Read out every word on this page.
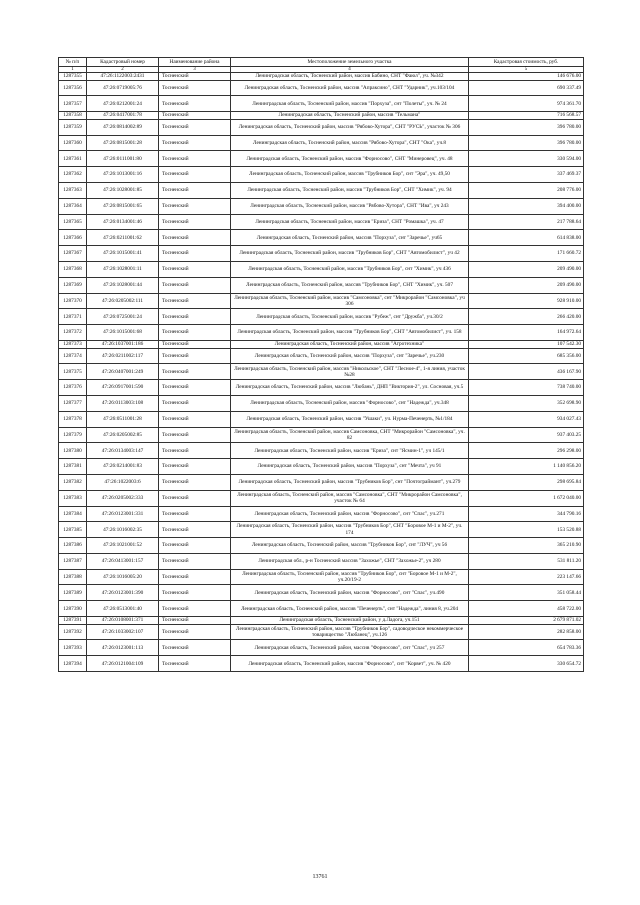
№ п/п	Кадастровый номер	Наименование района	Местоположение земельного участка	Кадастровая стоимость, руб.
1	2	3	4	5
1287355	47:26:1122003:2431	Тосненский	Ленинградская область, Тосненский район, массив Бабино, СНТ "Фаюл", уч. №342	146 676.00
1287356	47:26:0719005:76	Тосненский	Ленинградская область, Тосненский район, массив "Апраксино", СНТ "Ударник", уч.103/104	690 337.49
1287357	47:26:0212001:24	Тосненский	Ленинградская область, Тосненский район, массив "Порхуза", снт "Полеты", уч. № 24	974 361.70
1287358	47:26:0417001:78	Тосненский	Ленинградская область, Тосненский район, массив "Тельмана"	716 568.57
1287359	47:26:0814002:89	Тосненский	Ленинградская область, Тосненский район, массив "Рябово-Хутора", СНТ "РУСЬ", участок № 306	396 780.00
1287360	47:26:0815001:28	Тосненский	Ленинградская область, Тосненский район, массив "Рябово-Хутора", СНТ "Ока", уч.8	396 780.00
1287361	47:26:0111001:80	Тосненский	Ленинградская область, Тосненский район, массив "Форносово", СНТ "Минеровец", уч. 48	330 594.00
1287362	47:26:1013001:16	Тосненский	Ленинградская область, Тосненский район, массив "Трубников Бор", снт "Эра", уч. 49,50	337 469.37
1287363	47:26:1028001:85	Тосненский	Ленинградская область, Тосненский район, массив "Трубников Бор", СНТ "Химик", уч. 94	208 776.00
1287364	47:26:0815001:65	Тосненский	Ленинградская область, Тосненский район, массив "Рябово-Хутора", СНТ "Ива", уч 243	394 400.00
1287365	47:26:0134001:46	Тосненский	Ленинградская область, Тосненский район, массив "Ериза", СНТ "Ромашка", уч. 47	217 788.64
1287366	47:26:0211001:62	Тосненский	Ленинградская область, Тосненский район, массив "Порхуза", снт "Заречье", уч65	614 838.00
1287367	47:26:1015001:41	Тосненский	Ленинградская область, Тосненский район, массив "Трубников Бор", СНТ "Автомобилист", уч 42	171 660.72
1287368	47:26:1028001:11	Тосненский	Ленинградская область, Тосненский район, массив "Трубников Бор", снт "Химик", уч 436	209 490.00
1287369	47:26:1028001:44	Тосненский	Ленинградская область, Тосненский район, массив "Трубников Бор", СНТ "Химик", уч. 507	209 490.00
1287370	47:26:0205002:111	Тосненский	Ленинградская область, Тосненский район, массив "Самсоновка", снт "Микрорайон "Самсоновка", уч 306	928 910.00
1287371	47:26:0725001:24	Тосненский	Ленинградская область, Тосненский район, массив "Рубеж", снт "Дружба", уч.30/2	266 420.00
1287372	47:26:1015001:68	Тосненский	Ленинградская область, Тосненский район, массив "Трубников Бор", СНТ "Автомобилист", уч. 158	164 972.64
1287373	47:26:1037001:186	Тосненский	Ленинградская область, Тосненский район, массив "Агротехника"	107 542.30
1287374	47:26:0211002:117	Тосненский	Ленинградская область, Тосненский район, массив "Порхуза", снт "Заречье", уч.230	685 356.00
1287375	47:26:0407001:249	Тосненский	Ленинградская область, Тосненский район, массив "Никольское", СНТ "Лесное-4", 1-я линия, участок №28	436 167.90
1287376	47:26:0917001:590	Тосненский	Ленинградская область, Тосненский район, массив "Любань", ДНП "Виктория-2", ул. Сосновая, уч.5	738 740.00
1287377	47:26:0113003:108	Тосненский	Ленинградская область, Тосненский район, массив "Форносово", снт "Надежда", уч.348	352 698.90
1287378	47:26:0511001:28	Тосненский	Ленинградская область, Тосненский район, массив "Ушаки", уч. Нурма-Печенерть, №1/184	934 027.43
1287379	47:26:0205002:85	Тосненский	Ленинградская область, Тосненский район, массив Самсоновка, СНТ "Микрорайон "Самсоновка", уч. 82	937 403.25
1287380	47:26:0134003:147	Тосненский	Ленинградская область, Тосненский район, массив "Ериза", снт "Ясмин-1", уч 145/1	296 298.00
1287381	47:26:0214001:83	Тосненский	Ленинградская область, Тосненский район, массив "Порхуза", снт "Мечта", уч 91	1 140 856.20
1287382	47:26:1022003:6	Тосненский	Ленинградская область, Тосненский район, массив "Трубников Бор", снт "Почтограймант", уч.279	298 695.84
1287383	47:26:0205002:333	Тосненский	Ленинградская область, Тосненский район, массив "Самсоновка", СНТ "Микрорайон Самсоновка", участок № 64	1 672 040.00
1287384	47:26:0123001:331	Тосненский	Ленинградская область, Тосненский район, массив "Форносово", снт "Спас", уч.271	344 790.16
1287385	47:26:1016002:35	Тосненский	Ленинградская область, Тосненский район, массив "Трубников Бор", СНТ "Боровое М-1 и М-2", уч. 174	153 520.88
1287386	47:26:1021001:52	Тосненский	Ленинградская область, Тосненский район, массив "Трубников Бор", снт "ЛУЧ", уч 56	365 210.90
1287387	47:26:0413001:157	Тосненский	Ленинградская обл., р-н Тосненский массив "Захожье", СНТ "Захожье-2", уч 280	531 811.20
1287388	47:26:1016005:20	Тосненский	Ленинградская область, Тосненский район, массив "Трубников Бор", снт "Боровое М-1 и М-2", уч.20/19-2	223 147.66
1287389	47:26:0123001:390	Тосненский	Ленинградская область, Тосненский район, массив "Форносово", снт "Спас", уч.490	351 058.44
1287390	47:26:0513001:40	Тосненский	Ленинградская область, Тосненский район, массив "Печенерть", снт "Надежда", линия 8, уч.204	458 722.00
1287391	47:26:0108001:371	Тосненский	Ленинградская область, Тосненский район, у д.Ладога, уч.151	2 679 871.02
1287392	47:26:1033002:107	Тосненский	Ленинградская область, Тосненский район, массив "Трубников Бор", садоводческое некоммерческое товарищество "Любанец", уч.126	282 858.00
1287393	47:26:0123001:113	Тосненский	Ленинградская область, Тосненский район, массив "Форносово", снт "Спас", уч 257	654 783.36
1287394	47:26:0121004:109	Тосненский	Ленинградская область, Тосненский район, массив "Форносово", снт "Корвет", уч. № 420	330 654.72
13761
